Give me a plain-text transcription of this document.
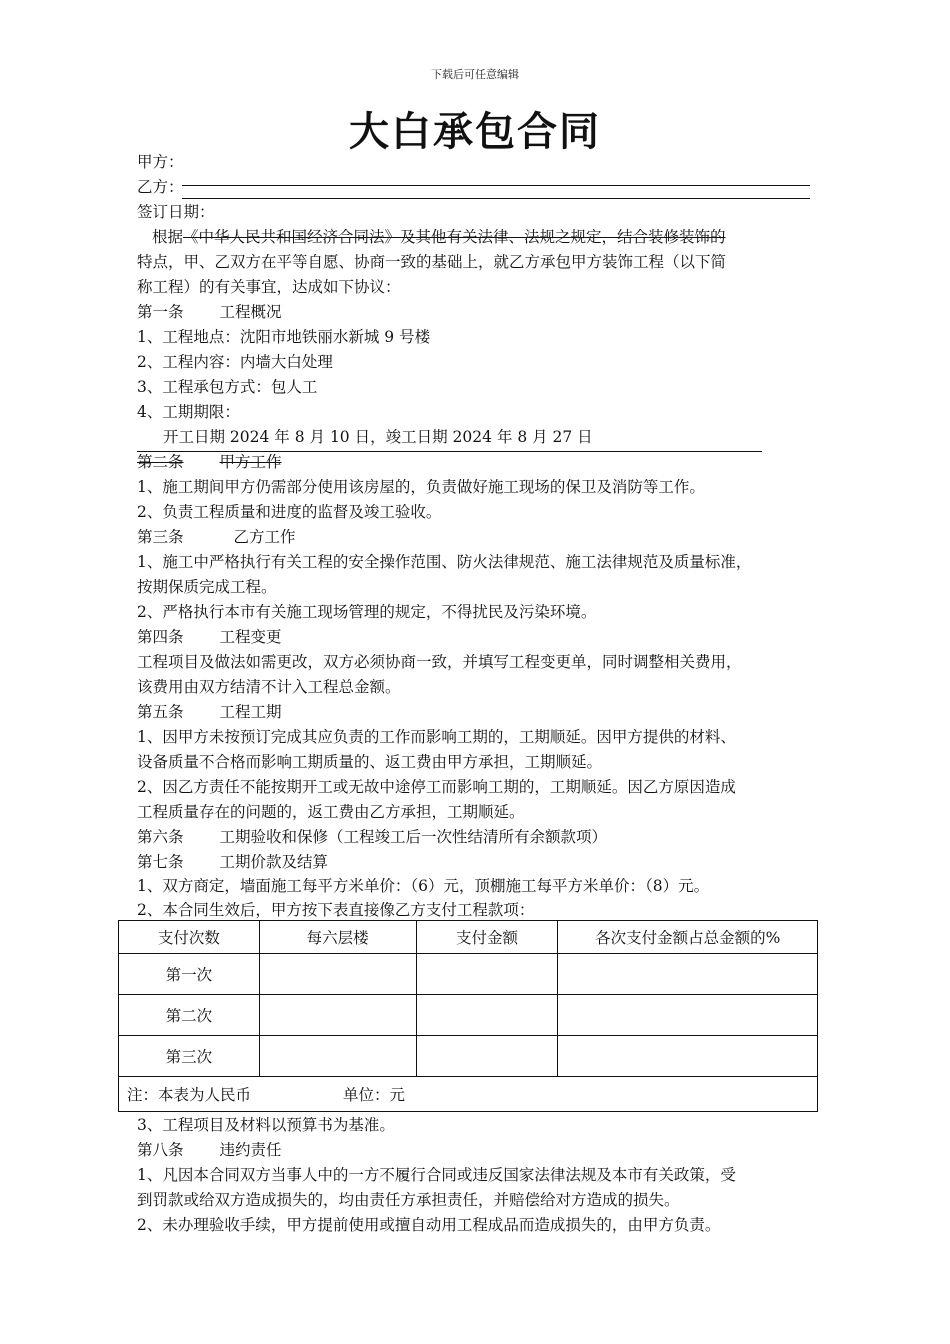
下载后可任意编辑
大白承包合同
甲方：
乙方：
签订日期：
根据《中华人民共和国经济合同法》及其他有关法律、法规之规定，结合装修装饰的
特点，甲、乙双方在平等自愿、协商一致的基础上，就乙方承包甲方装饰工程（以下简
称工程）的有关事宜，达成如下协议：
第一条 工程概况
1、工程地点：沈阳市地铁丽水新城 9 号楼
2、工程内容：内墙大白处理
3、工程承包方式：包人工
4、工期期限：
开工日期 2024 年 8 月 10 日，竣工日期 2024 年 8 月 27 日
第二条 甲方工作
1、施工期间甲方仍需部分使用该房屋的，负责做好施工现场的保卫及消防等工作。
2、负责工程质量和进度的监督及竣工验收。
第三条	乙方工作
1、施工中严格执行有关工程的安全操作范围、防火法律规范、施工法律规范及质量标准，
按期保质完成工程。
2、严格执行本市有关施工现场管理的规定，不得扰民及污染环境。
第四条 工程变更
工程项目及做法如需更改，双方必须协商一致，并填写工程变更单，同时调整相关费用，
该费用由双方结清不计入工程总金额。
第五条 工程工期
1、因甲方未按预订完成其应负责的工作而影响工期的，工期顺延。因甲方提供的材料、
设备质量不合格而影响工期质量的、返工费由甲方承担，工期顺延。
2、因乙方责任不能按期开工或无故中途停工而影响工期的，工期顺延。因乙方原因造成
工程质量存在的问题的，返工费由乙方承担，工期顺延。
第六条 工期验收和保修（工程竣工后一次性结清所有余额款项）
第七条 工期价款及结算
1、双方商定，墙面施工每平方米单价：（6）元，顶棚施工每平方米单价：（8）元。
2、本合同生效后，甲方按下表直接像乙方支付工程款项：
支付次数	每六层楼	支付金额	各次支付金额占总金额的%
第一次			
第二次			
第三次			
注：本表为人民币 单位：元			
3、工程项目及材料以预算书为基准。
第八条 违约责任
1、凡因本合同双方当事人中的一方不履行合同或违反国家法律法规及本市有关政策，受
到罚款或给双方造成损失的，均由责任方承担责任，并赔偿给对方造成的损失。
2、未办理验收手续，甲方提前使用或擅自动用工程成品而造成损失的，由甲方负责。
